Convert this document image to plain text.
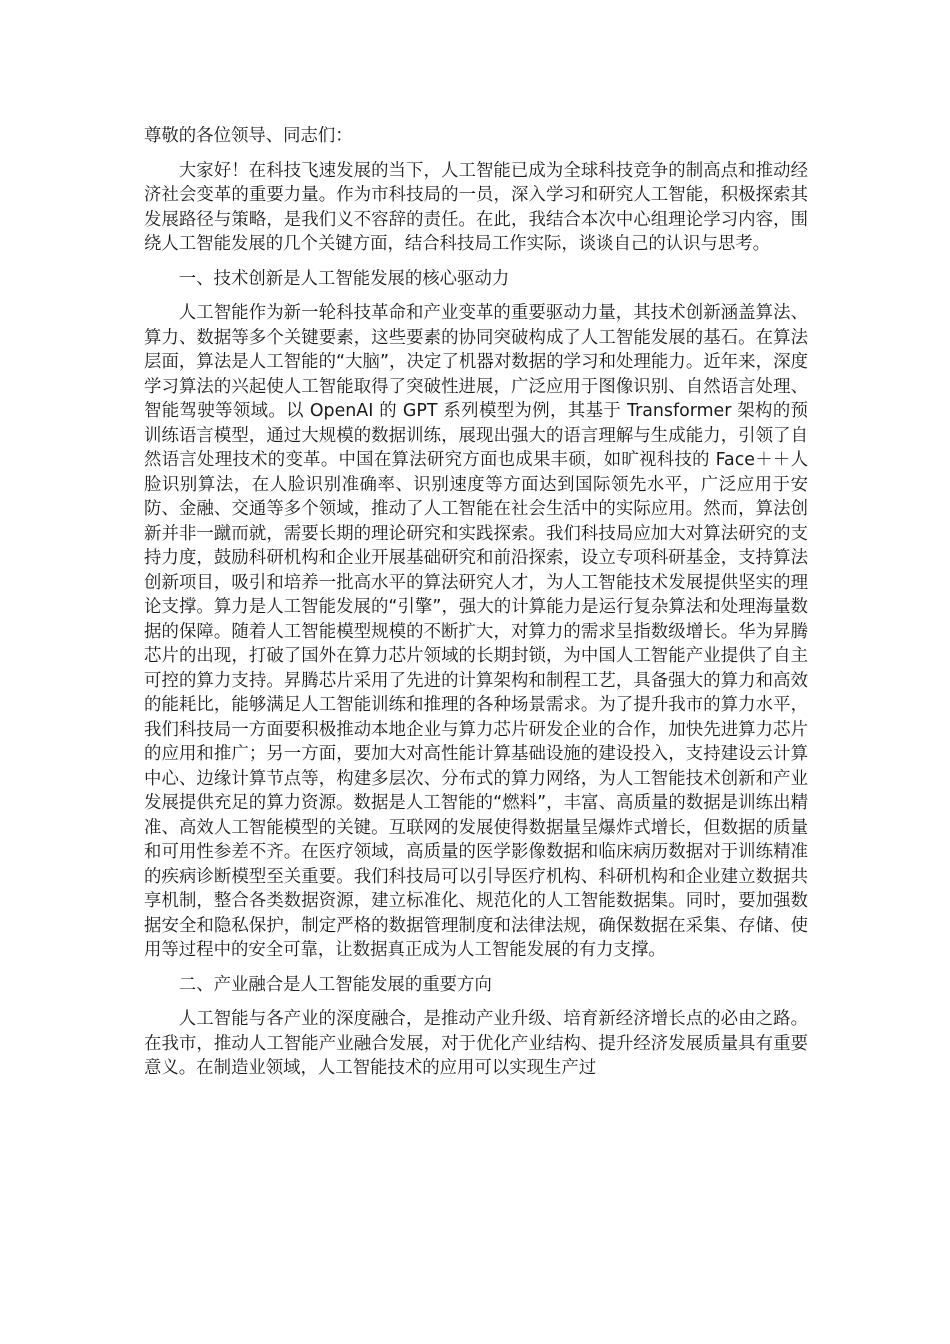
尊敬的各位领导、同志们：

大家好！在科技飞速发展的当下，人工智能已成为全球科技竞争的制高点和推动经济社会变革的重要力量。作为市科技局的一员，深入学习和研究人工智能，积极探索其发展路径与策略，是我们义不容辞的责任。在此，我结合本次中心组理论学习内容，围绕人工智能发展的几个关键方面，结合科技局工作实际，谈谈自己的认识与思考。

一、技术创新是人工智能发展的核心驱动力

人工智能作为新一轮科技革命和产业变革的重要驱动力量，其技术创新涵盖算法、算力、数据等多个关键要素，这些要素的协同突破构成了人工智能发展的基石。在算法层面，算法是人工智能的“大脑”，决定了机器对数据的学习和处理能力。近年来，深度学习算法的兴起使人工智能取得了突破性进展，广泛应用于图像识别、自然语言处理、智能驾驶等领域。以 OpenAI 的 GPT 系列模型为例，其基于 Transformer 架构的预训练语言模型，通过大规模的数据训练，展现出强大的语言理解与生成能力，引领了自然语言处理技术的变革。中国在算法研究方面也成果丰硕，如旷视科技的 Face＋＋人脸识别算法，在人脸识别准确率、识别速度等方面达到国际领先水平，广泛应用于安防、金融、交通等多个领域，推动了人工智能在社会生活中的实际应用。然而，算法创新并非一蹴而就，需要长期的理论研究和实践探索。我们科技局应加大对算法研究的支持力度，鼓励科研机构和企业开展基础研究和前沿探索，设立专项科研基金，支持算法创新项目，吸引和培养一批高水平的算法研究人才，为人工智能技术发展提供坚实的理论支撑。算力是人工智能发展的“引擎”，强大的计算能力是运行复杂算法和处理海量数据的保障。随着人工智能模型规模的不断扩大，对算力的需求呈指数级增长。华为昇腾芯片的出现，打破了国外在算力芯片领域的长期封锁，为中国人工智能产业提供了自主可控的算力支持。昇腾芯片采用了先进的计算架构和制程工艺，具备强大的算力和高效的能耗比，能够满足人工智能训练和推理的各种场景需求。为了提升我市的算力水平，我们科技局一方面要积极推动本地企业与算力芯片研发企业的合作，加快先进算力芯片的应用和推广；另一方面，要加大对高性能计算基础设施的建设投入，支持建设云计算中心、边缘计算节点等，构建多层次、分布式的算力网络，为人工智能技术创新和产业发展提供充足的算力资源。数据是人工智能的“燃料”，丰富、高质量的数据是训练出精准、高效人工智能模型的关键。互联网的发展使得数据量呈爆炸式增长，但数据的质量和可用性参差不齐。在医疗领域，高质量的医学影像数据和临床病历数据对于训练精准的疾病诊断模型至关重要。我们科技局可以引导医疗机构、科研机构和企业建立数据共享机制，整合各类数据资源，建立标准化、规范化的人工智能数据集。同时，要加强数据安全和隐私保护，制定严格的数据管理制度和法律法规，确保数据在采集、存储、使用等过程中的安全可靠，让数据真正成为人工智能发展的有力支撑。

二、产业融合是人工智能发展的重要方向

人工智能与各产业的深度融合，是推动产业升级、培育新经济增长点的必由之路。在我市，推动人工智能产业融合发展，对于优化产业结构、提升经济发展质量具有重要意义。在制造业领域，人工智能技术的应用可以实现生产过
